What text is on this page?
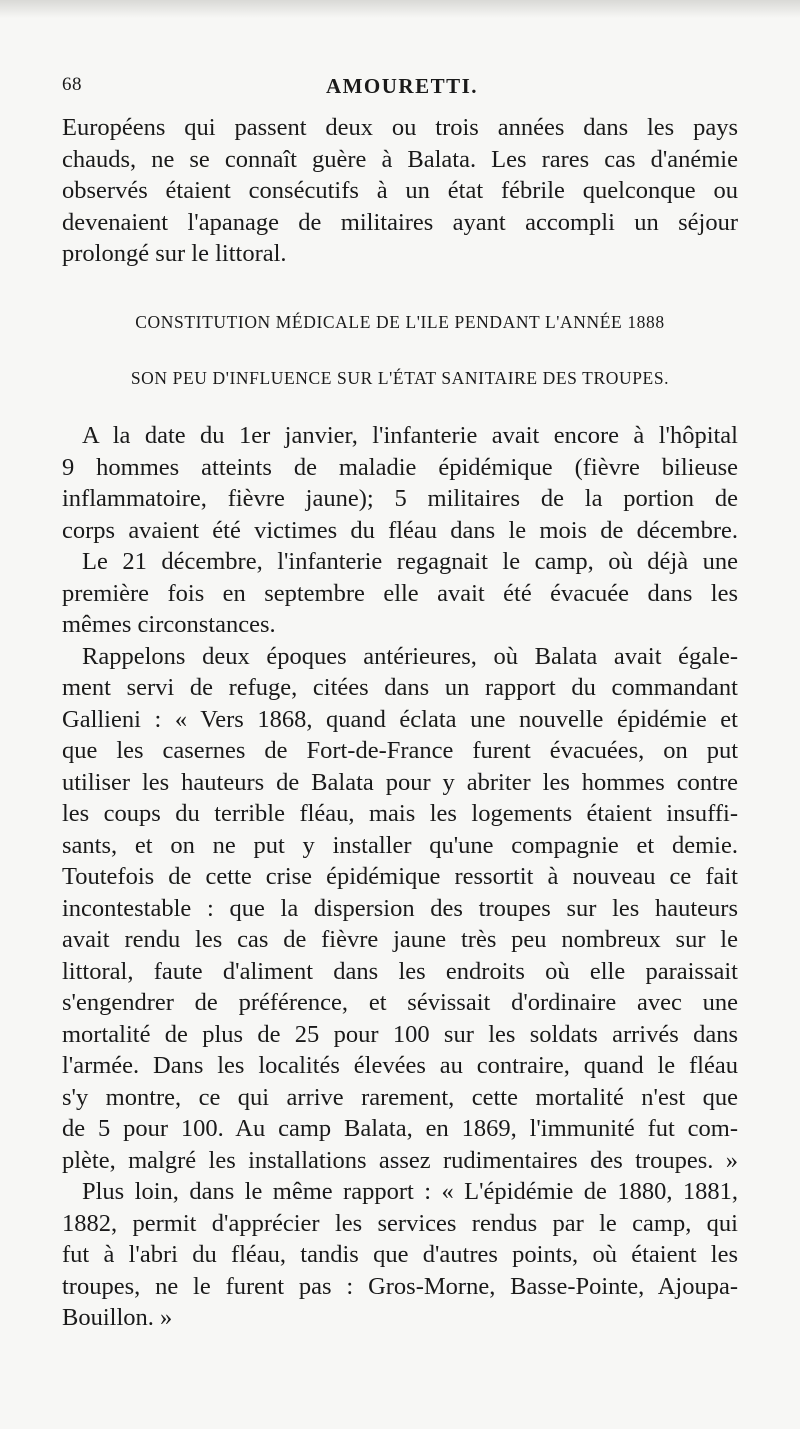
68	AMOURETTI.
Européens qui passent deux ou trois années dans les pays
chauds, ne se connaît guère à Balata. Les rares cas d'anémie
observés étaient consécutifs à un état fébrile quelconque ou
devenaient l'apanage de militaires ayant accompli un séjour
prolongé sur le littoral.
CONSTITUTION MÉDICALE DE L'ILE PENDANT L'ANNÉE 1888
SON PEU D'INFLUENCE SUR L'ÉTAT SANITAIRE DES TROUPES.
A la date du 1er janvier, l'infanterie avait encore à l'hôpital
9 hommes atteints de maladie épidémique (fièvre bilieuse
inflammatoire, fièvre jaune); 5 militaires de la portion de
corps avaient été victimes du fléau dans le mois de décembre.
Le 21 décembre, l'infanterie regagnait le camp, où déjà une
première fois en septembre elle avait été évacuée dans les
mêmes circonstances.
Rappelons deux époques antérieures, où Balata avait égale-
ment servi de refuge, citées dans un rapport du commandant
Gallieni : « Vers 1868, quand éclata une nouvelle épidémie et
que les casernes de Fort-de-France furent évacuées, on put
utiliser les hauteurs de Balata pour y abriter les hommes contre
les coups du terrible fléau, mais les logements étaient insuffi-
sants, et on ne put y installer qu'une compagnie et demie.
Toutefois de cette crise épidémique ressortit à nouveau ce fait
incontestable : que la dispersion des troupes sur les hauteurs
avait rendu les cas de fièvre jaune très peu nombreux sur le
littoral, faute d'aliment dans les endroits où elle paraissait
s'engendrer de préférence, et sévissait d'ordinaire avec une
mortalité de plus de 25 pour 100 sur les soldats arrivés dans
l'armée. Dans les localités élevées au contraire, quand le fléau
s'y montre, ce qui arrive rarement, cette mortalité n'est que
de 5 pour 100. Au camp Balata, en 1869, l'immunité fut com-
plète, malgré les installations assez rudimentaires des troupes. »
Plus loin, dans le même rapport : « L'épidémie de 1880, 1881,
1882, permit d'apprécier les services rendus par le camp, qui
fut à l'abri du fléau, tandis que d'autres points, où étaient les
troupes, ne le furent pas : Gros-Morne, Basse-Pointe, Ajoupa-
Bouillon. »
